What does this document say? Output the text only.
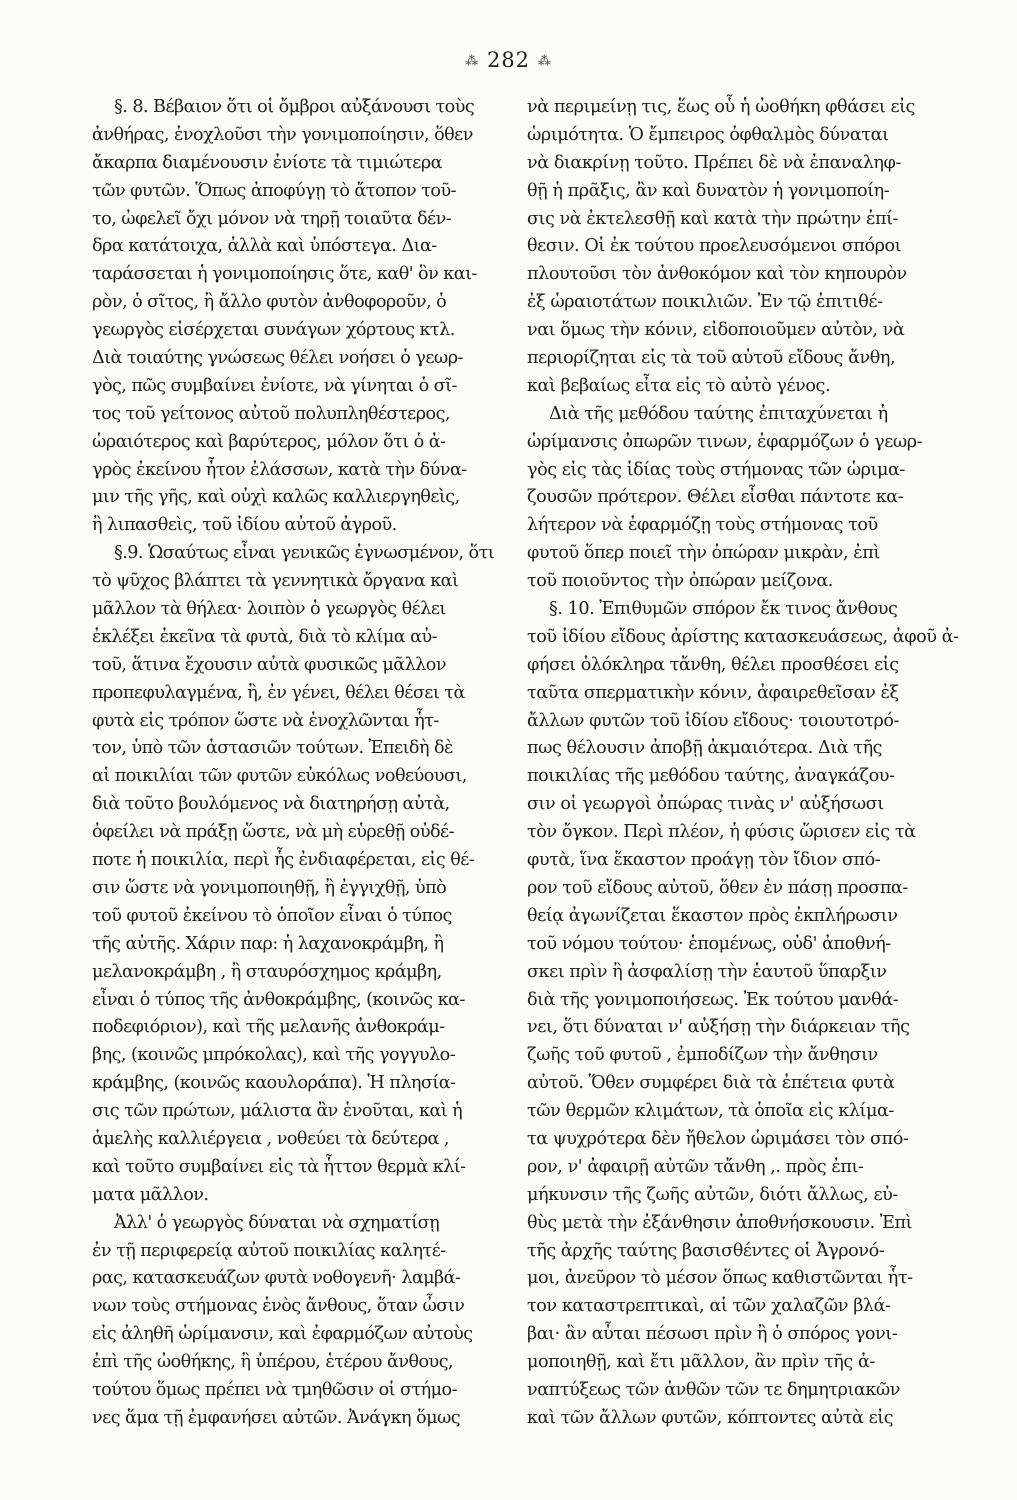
⁂ 282 ⁂
§. 8. Βέβαιον ὅτι οἱ ὄμβροι αὐξάνουσι τοὺς
ἀνθήρας, ἐνοχλοῦσι τὴν γονιμοποίησιν, ὅθεν
ἄκαρπα διαμένουσιν ἐνίοτε τὰ τιμιώτερα
τῶν φυτῶν. Ὅπως ἀποφύγῃ τὸ ἄτοπον τοῦ-
το, ὠφελεῖ ὄχι μόνον νὰ τηρῇ τοιαῦτα δέν-
δρα κατάτοιχα, ἀλλὰ καὶ ὑπόστεγα. Δια-
ταράσσεται ἡ γονιμοποίησις ὅτε, καθ' ὃν και-
ρὸν, ὁ σῖτος, ἢ ἄλλο φυτὸν ἀνθοφοροῦν, ὁ
γεωργὸς εἰσέρχεται συνάγων χόρτους κτλ.
Διὰ τοιαύτης γνώσεως θέλει νοήσει ὁ γεωρ-
γὸς, πῶς συμβαίνει ἐνίοτε, νὰ γίνηται ὁ σῖ-
τος τοῦ γείτονος αὐτοῦ πολυπληθέστερος,
ὡραιότερος καὶ βαρύτερος, μόλον ὅτι ὁ ἀ-
γρὸς ἐκείνου ἦτον ἐλάσσων, κατὰ τὴν δύνα-
μιν τῆς γῆς, καὶ οὐχὶ καλῶς καλλιεργηθεὶς,
ἢ λιπασθεὶς, τοῦ ἰδίου αὐτοῦ ἀγροῦ.
§.9. Ὡσαύτως εἶναι γενικῶς ἐγνωσμένον, ὅτι
τὸ ψῦχος βλάπτει τὰ γεννητικὰ ὄργανα καὶ
μᾶλλον τὰ θήλεα· λοιπὸν ὁ γεωργὸς θέλει
ἐκλέξει ἐκεῖνα τὰ φυτὰ, διὰ τὸ κλίμα αὐ-
τοῦ, ἅτινα ἔχουσιν αὐτὰ φυσικῶς μᾶλλον
προπεφυλαγμένα, ἢ, ἐν γένει, θέλει θέσει τὰ
φυτὰ εἰς τρόπον ὥστε νὰ ἐνοχλῶνται ἧτ-
τον, ὑπὸ τῶν ἀστασιῶν τούτων. Ἐπειδὴ δὲ
αἱ ποικιλίαι τῶν φυτῶν εὐκόλως νοθεύουσι,
διὰ τοῦτο βουλόμενος νὰ διατηρήσῃ αὐτὰ,
ὀφείλει νὰ πράξῃ ὥστε, νὰ μὴ εὑρεθῇ οὐδέ-
ποτε ἡ ποικιλία, περὶ ἧς ἐνδιαφέρεται, εἰς θέ-
σιν ὥστε νὰ γονιμοποιηθῇ, ἢ ἐγγιχθῇ, ὑπὸ
τοῦ φυτοῦ ἐκείνου τὸ ὁποῖον εἶναι ὁ τύπος
τῆς αὐτῆς. Χάριν παρ: ἡ λαχανοκράμβη, ἢ
μελανοκράμβη , ἢ σταυρόσχημος κράμβη,
εἶναι ὁ τύπος τῆς ἀνθοκράμβης, (κοινῶς κα-
ποδεφιόριον), καὶ τῆς μελανῆς ἀνθοκράμ-
βης, (κοινῶς μπρόκολας), καὶ τῆς γογγυλο-
κράμβης, (κοινῶς καουλοράπα). Ἡ πλησία-
σις τῶν πρώτων, μάλιστα ἂν ἑνοῦται, καὶ ἡ
ἀμελὴς καλλιέργεια , νοθεύει τὰ δεύτερα ,
καὶ τοῦτο συμβαίνει εἰς τὰ ἧττον θερμὰ κλί-
ματα μᾶλλον.
Ἀλλ' ὁ γεωργὸς δύναται νὰ σχηματίσῃ
ἐν τῇ περιφερείᾳ αὐτοῦ ποικιλίας καλητέ-
ρας, κατασκευάζων φυτὰ νοθογενῆ· λαμβά-
νων τοὺς στήμονας ἑνὸς ἄνθους, ὅταν ὦσιν
εἰς ἀληθῆ ὡρίμανσιν, καὶ ἐφαρμόζων αὐτοὺς
ἐπὶ τῆς ὠοθήκης, ἢ ὑπέρου, ἑτέρου ἄνθους,
τούτου ὅμως πρέπει νὰ τμηθῶσιν οἱ στήμο-
νες ἅμα τῇ ἐμφανήσει αὐτῶν. Ἀνάγκη ὅμως
νὰ περιμείνῃ τις, ἕως οὗ ἡ ὠοθήκη φθάσει εἰς
ὡριμότητα. Ὁ ἔμπειρος ὀφθαλμὸς δύναται
νὰ διακρίνῃ τοῦτο. Πρέπει δὲ νὰ ἐπαναληφ-
θῇ ἡ πρᾶξις, ἂν καὶ δυνατὸν ἡ γονιμοποίη-
σις νὰ ἐκτελεσθῇ καὶ κατὰ τὴν πρώτην ἐπί-
θεσιν. Οἱ ἐκ τούτου προελευσόμενοι σπόροι
πλουτοῦσι τὸν ἀνθοκόμον καὶ τὸν κηπουρὸν
ἐξ ὡραιοτάτων ποικιλιῶν. Ἐν τῷ ἐπιτιθέ-
ναι ὅμως τὴν κόνιν, εἰδοποιοῦμεν αὐτὸν, νὰ
περιορίζηται εἰς τὰ τοῦ αὐτοῦ εἴδους ἄνθη,
καὶ βεβαίως εἶτα εἰς τὸ αὐτὸ γένος.
Διὰ τῆς μεθόδου ταύτης ἐπιταχύνεται ἡ
ὡρίμανσις ὀπωρῶν τινων, ἐφαρμόζων ὁ γεωρ-
γὸς εἰς τὰς ἰδίας τοὺς στήμονας τῶν ὡριμα-
ζουσῶν πρότερον. Θέλει εἶσθαι πάντοτε κα-
λήτερον νὰ ἐφαρμόζῃ τοὺς στήμονας τοῦ
φυτοῦ ὅπερ ποιεῖ τὴν ὀπώραν μικρὰν, ἐπὶ
τοῦ ποιοῦντος τὴν ὀπώραν μείζονα.
§. 10. Ἐπιθυμῶν σπόρον ἔκ τινος ἄνθους
τοῦ ἰδίου εἴδους ἀρίστης κατασκευάσεως, ἀφοῦ ἀ-
φήσει ὁλόκληρα τἄνθη, θέλει προσθέσει εἰς
ταῦτα σπερματικὴν κόνιν, ἀφαιρεθεῖσαν ἐξ
ἄλλων φυτῶν τοῦ ἰδίου εἴδους· τοιουτοτρό-
πως θέλουσιν ἀποβῇ ἀκμαιότερα. Διὰ τῆς
ποικιλίας τῆς μεθόδου ταύτης, ἀναγκάζου-
σιν οἱ γεωργοὶ ὀπώρας τινὰς ν' αὐξήσωσι
τὸν ὄγκον. Περὶ πλέον, ἡ φύσις ὥρισεν εἰς τὰ
φυτὰ, ἵνα ἕκαστον προάγῃ τὸν ἴδιον σπό-
ρον τοῦ εἴδους αὐτοῦ, ὅθεν ἐν πάσῃ προσπα-
θείᾳ ἀγωνίζεται ἕκαστον πρὸς ἐκπλήρωσιν
τοῦ νόμου τούτου· ἑπομένως, οὐδ' ἀποθνή-
σκει πρὶν ἢ ἀσφαλίσῃ τὴν ἑαυτοῦ ὕπαρξιν
διὰ τῆς γονιμοποιήσεως. Ἐκ τούτου μανθά-
νει, ὅτι δύναται ν' αὐξήσῃ τὴν διάρκειαν τῆς
ζωῆς τοῦ φυτοῦ , ἐμποδίζων τὴν ἄνθησιν
αὐτοῦ. Ὅθεν συμφέρει διὰ τὰ ἐπέτεια φυτὰ
τῶν θερμῶν κλιμάτων, τὰ ὁποῖα εἰς κλίμα-
τα ψυχρότερα δὲν ἤθελον ὡριμάσει τὸν σπό-
ρον, ν' ἀφαιρῇ αὐτῶν τἄνθη ,. πρὸς ἐπι-
μήκυνσιν τῆς ζωῆς αὐτῶν, διότι ἄλλως, εὐ-
θὺς μετὰ τὴν ἐξάνθησιν ἀποθνήσκουσιν. Ἐπὶ
τῆς ἀρχῆς ταύτης βασισθέντες οἱ Ἀγρονό-
μοι, ἀνεῦρον τὸ μέσον ὅπως καθιστῶνται ἧτ-
τον καταστρεπτικαὶ, αἱ τῶν χαλαζῶν βλά-
βαι· ἂν αὗται πέσωσι πρὶν ἢ ὁ σπόρος γονι-
μοποιηθῇ, καὶ ἔτι μᾶλλον, ἂν πρὶν τῆς ἀ-
ναπτύξεως τῶν ἀνθῶν τῶν τε δημητριακῶν
καὶ τῶν ἄλλων φυτῶν, κόπτοντες αὐτὰ εἰς
